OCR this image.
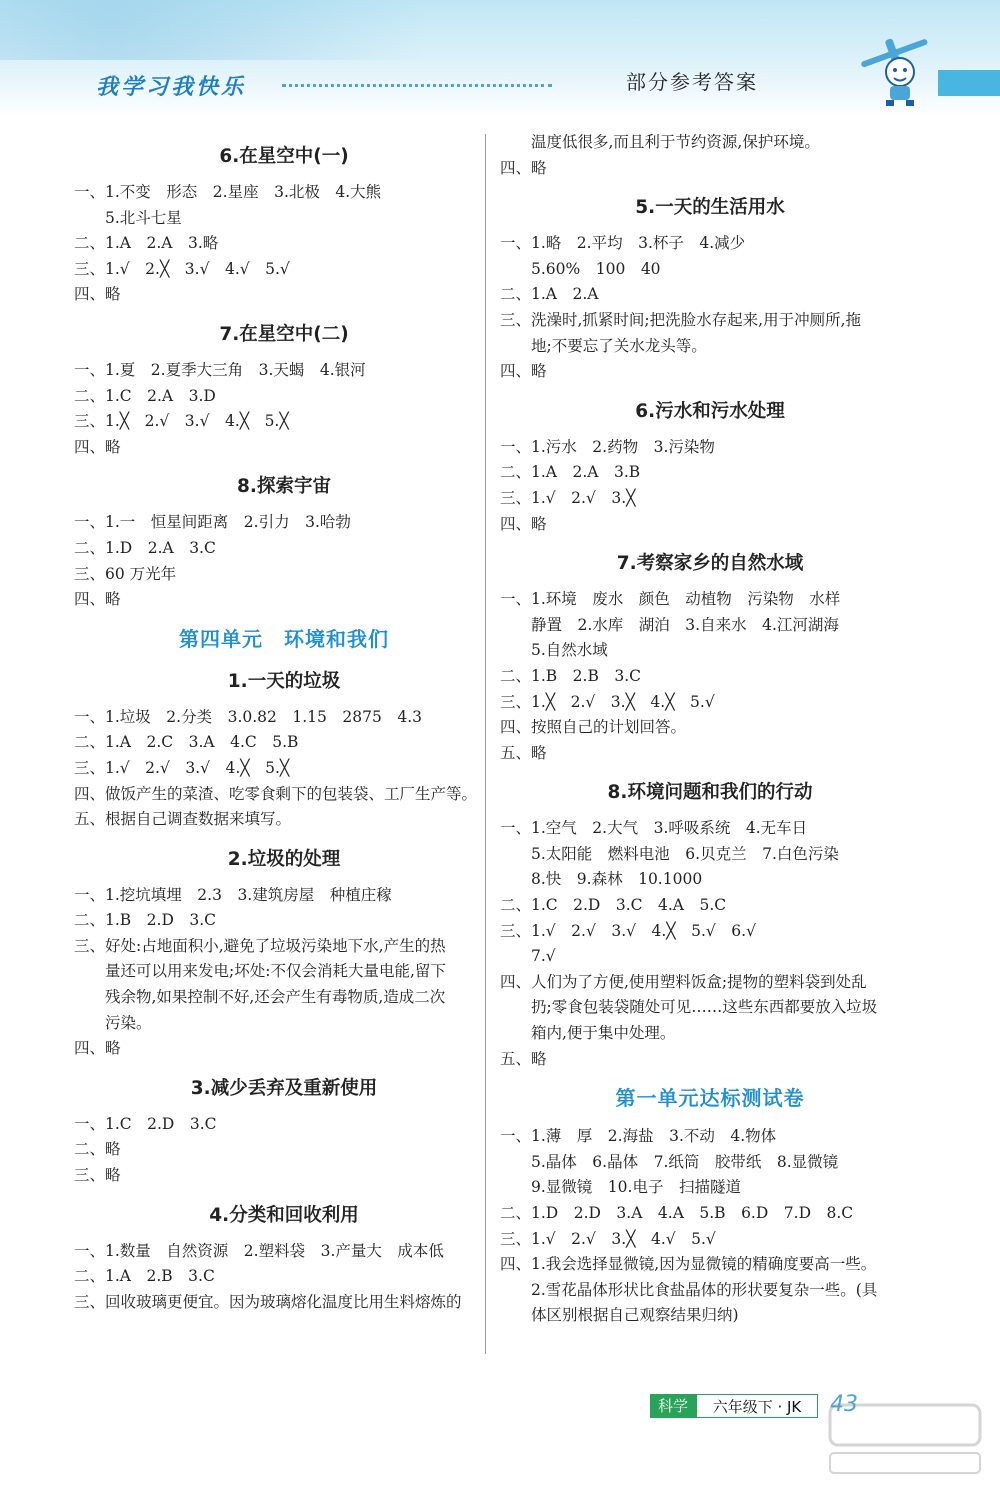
我学习我快乐	部分参考答案
6.在星空中(一)
一、1.不变　形态　2.星座　3.北极　4.大熊
　　5.北斗七星
二、1.A　2.A　3.略
三、1.√　2.╳　3.√　4.√　5.√
四、略
7.在星空中(二)
一、1.夏　2.夏季大三角　3.天蝎　4.银河
二、1.C　2.A　3.D
三、1.╳　2.√　3.√　4.╳　5.╳
四、略
8.探索宇宙
一、1.一　恒星间距离　2.引力　3.哈勃
二、1.D　2.A　3.C
三、60 万光年
四、略
第四单元　环境和我们
1.一天的垃圾
一、1.垃圾　2.分类　3.0.82　1.15　2875　4.3
二、1.A　2.C　3.A　4.C　5.B
三、1.√　2.√　3.√　4.╳　5.╳
四、做饭产生的菜渣、吃零食剩下的包装袋、工厂生产等。
五、根据自己调查数据来填写。
2.垃圾的处理
一、1.挖坑填埋　2.3　3.建筑房屋　种植庄稼
二、1.B　2.D　3.C
三、好处:占地面积小,避免了垃圾污染地下水,产生的热
　　量还可以用来发电;坏处:不仅会消耗大量电能,留下
　　残余物,如果控制不好,还会产生有毒物质,造成二次
　　污染。
四、略
3.减少丢弃及重新使用
一、1.C　2.D　3.C
二、略
三、略
4.分类和回收利用
一、1.数量　自然资源　2.塑料袋　3.产量大　成本低
二、1.A　2.B　3.C
三、回收玻璃更便宜。因为玻璃熔化温度比用生料熔炼的
　　温度低很多,而且利于节约资源,保护环境。
四、略
5.一天的生活用水
一、1.略　2.平均　3.杯子　4.减少
　　5.60%　100　40
二、1.A　2.A
三、洗澡时,抓紧时间;把洗脸水存起来,用于冲厕所,拖
　　地;不要忘了关水龙头等。
四、略
6.污水和污水处理
一、1.污水　2.药物　3.污染物
二、1.A　2.A　3.B
三、1.√　2.√　3.╳
四、略
7.考察家乡的自然水域
一、1.环境　废水　颜色　动植物　污染物　水样
　　静置　2.水库　湖泊　3.自来水　4.江河湖海
　　5.自然水域
二、1.B　2.B　3.C
三、1.╳　2.√　3.╳　4.╳　5.√
四、按照自己的计划回答。
五、略
8.环境问题和我们的行动
一、1.空气　2.大气　3.呼吸系统　4.无车日
　　5.太阳能　燃料电池　6.贝克兰　7.白色污染
　　8.快　9.森林　10.1000
二、1.C　2.D　3.C　4.A　5.C
三、1.√　2.√　3.√　4.╳　5.√　6.√
　　7.√
四、人们为了方便,使用塑料饭盒;提物的塑料袋到处乱
　　扔;零食包装袋随处可见……这些东西都要放入垃圾
　　箱内,便于集中处理。
五、略
第一单元达标测试卷
一、1.薄　厚　2.海盐　3.不动　4.物体
　　5.晶体　6.晶体　7.纸筒　胶带纸　8.显微镜
　　9.显微镜　10.电子　扫描隧道
二、1.D　2.D　3.A　4.A　5.B　6.D　7.D　8.C
三、1.√　2.√　3.╳　4.√　5.√
四、1.我会选择显微镜,因为显微镜的精确度要高一些。
　　2.雪花晶体形状比食盐晶体的形状要复杂一些。(具
　　体区别根据自己观察结果归纳)
科学	六年级下 · JK	43
